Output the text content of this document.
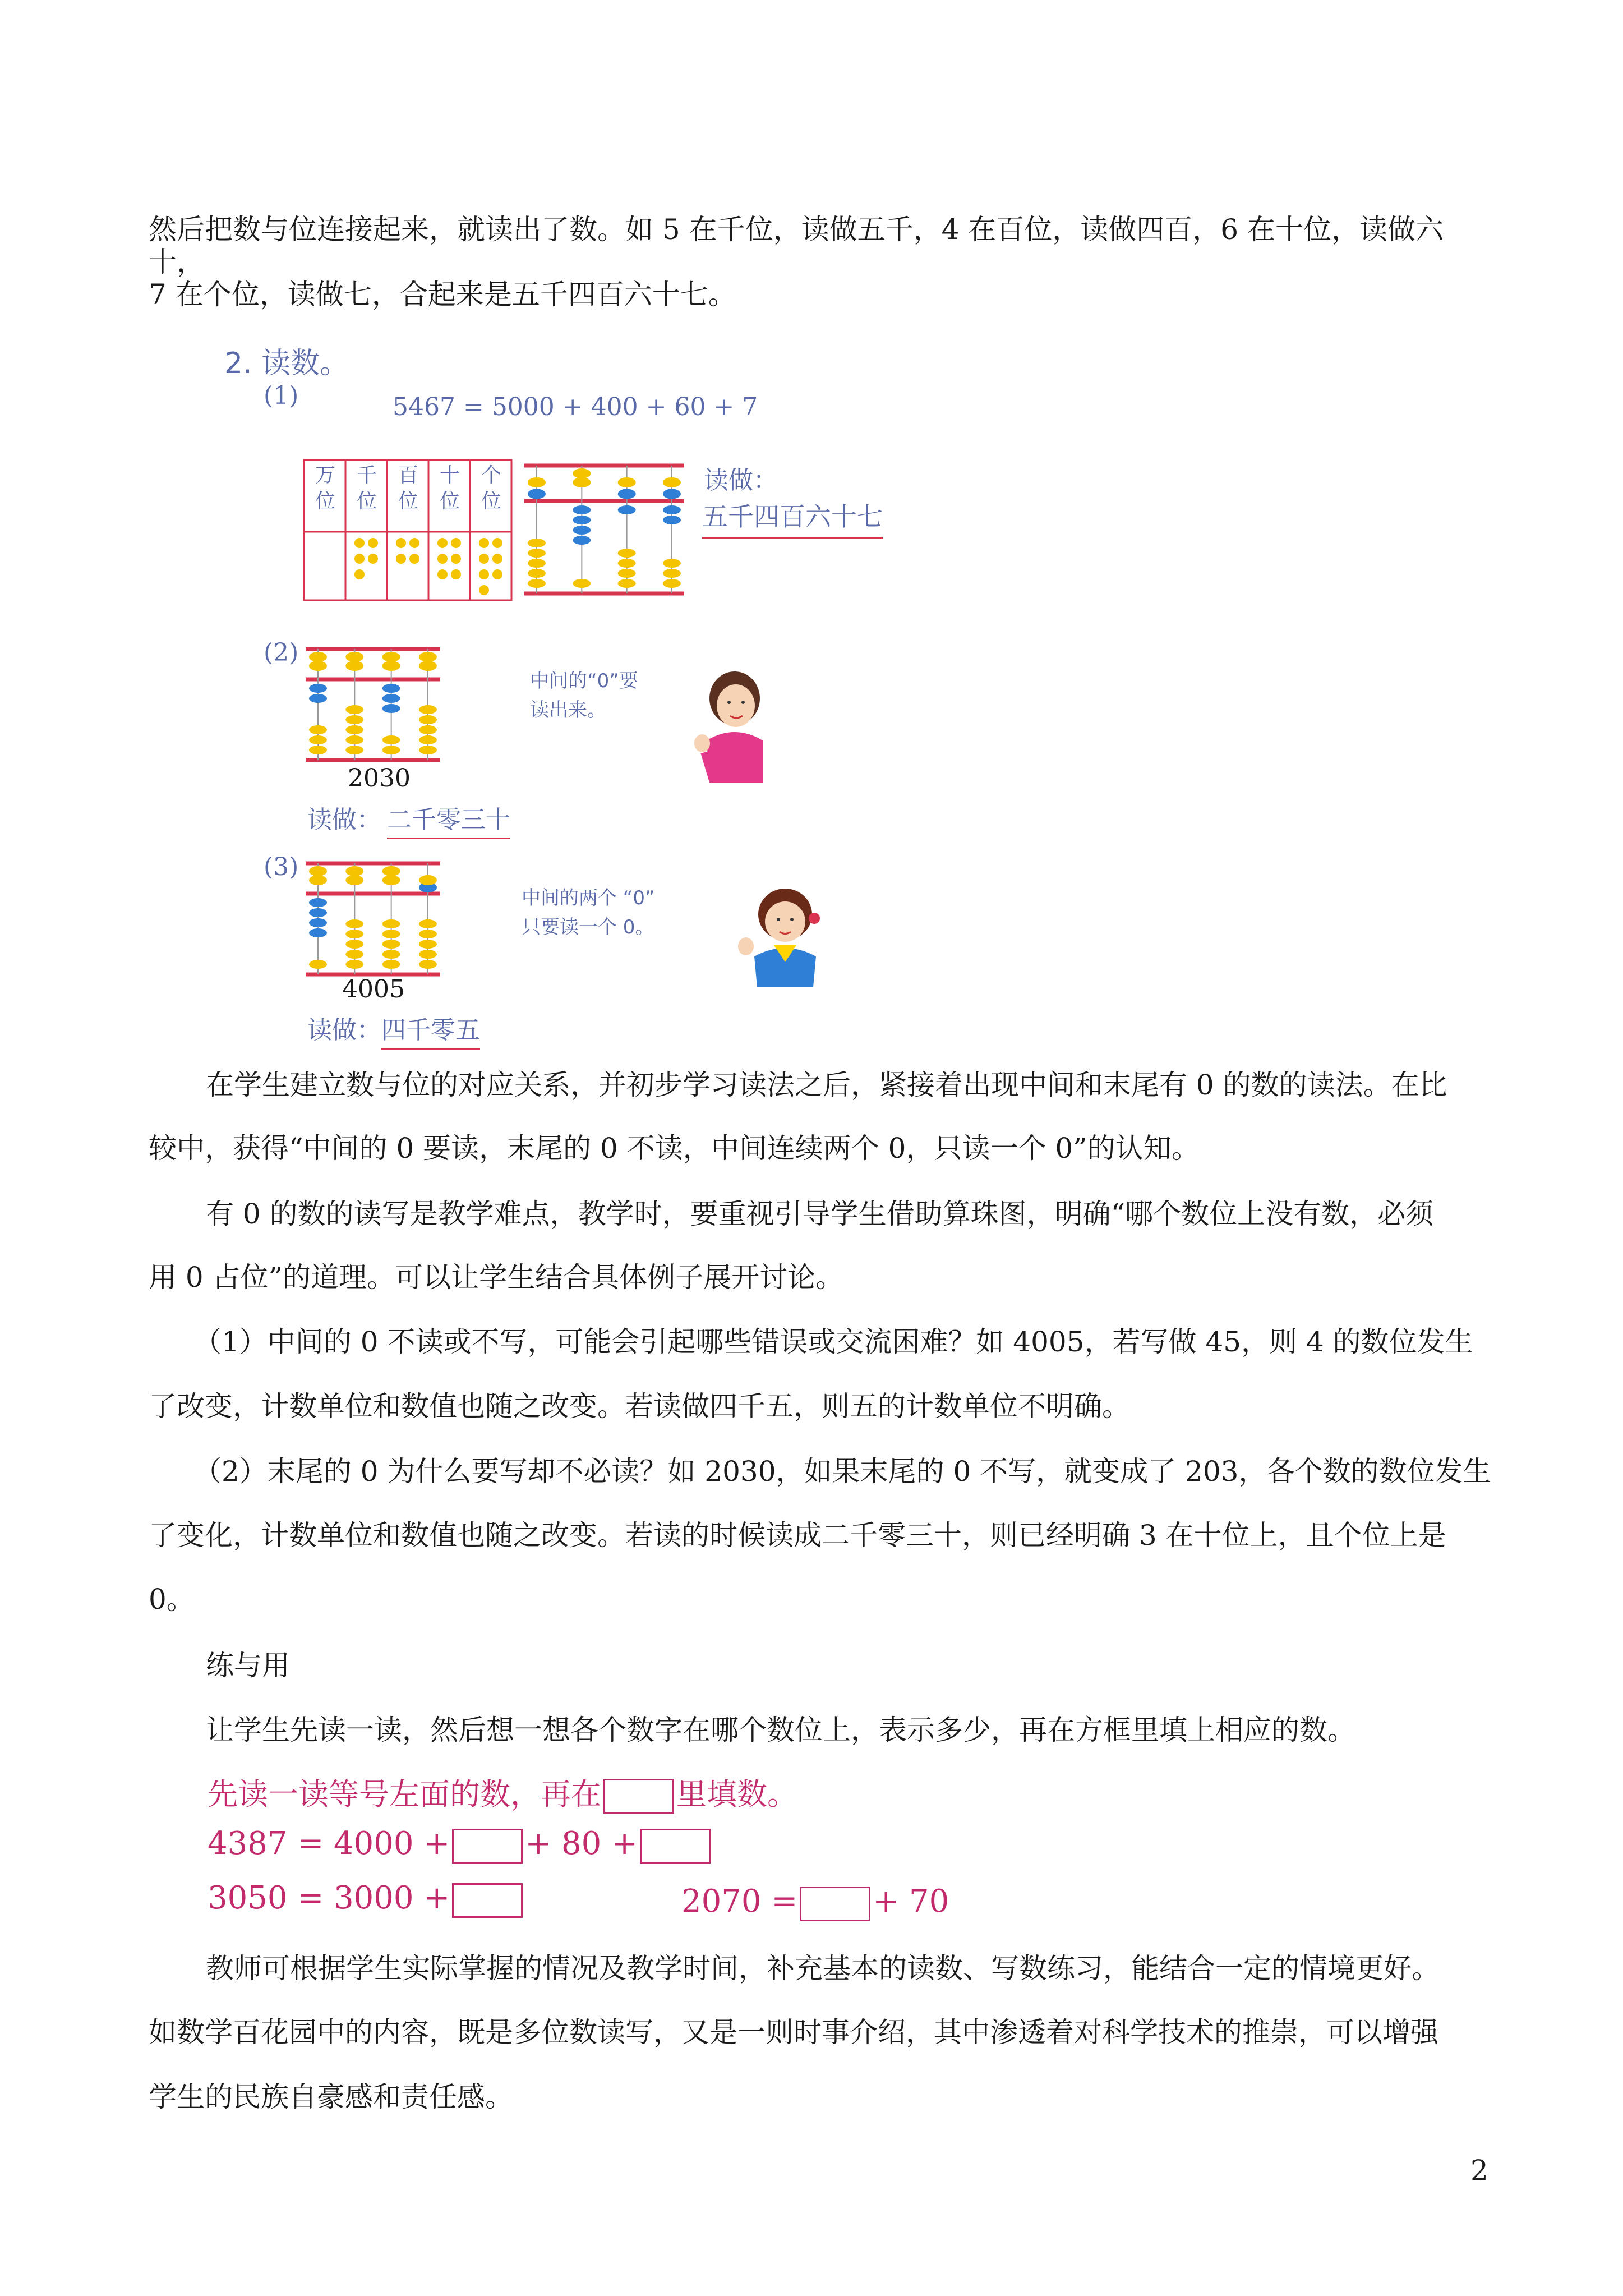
然后把数与位连接起来，就读出了数。如 5 在千位，读做五千，4 在百位，读做四百，6 在十位，读做六十，

7 在个位，读做七，合起来是五千四百六十七。

2. 读数。
(1)	5467 = 5000 + 400 + 60 + 7
万
位
千
位
百
位
十
位
个
位
读做：
五千四百六十七
(2)
2030
读做： 二千零三十
中间的“0”要
读出来。
(3)
4005
读做： 四千零五
中间的两个 “0”
只要读一个 0。

在学生建立数与位的对应关系，并初步学习读法之后，紧接着出现中间和末尾有 0 的数的读法。在比

较中，获得“中间的 0 要读，末尾的 0 不读，中间连续两个 0，只读一个 0”的认知。

有 0 的数的读写是教学难点，教学时，要重视引导学生借助算珠图，明确“哪个数位上没有数，必须

用 0 占位”的道理。可以让学生结合具体例子展开讨论。

（1）中间的 0 不读或不写，可能会引起哪些错误或交流困难？如 4005，若写做 45，则 4 的数位发生

了改变，计数单位和数值也随之改变。若读做四千五，则五的计数单位不明确。

（2）末尾的 0 为什么要写却不必读？如 2030，如果末尾的 0 不写，就变成了 203，各个数的数位发生

了变化，计数单位和数值也随之改变。若读的时候读成二千零三十，则已经明确 3 在十位上，且个位上是

0。

练与用

让学生先读一读，然后想一想各个数字在哪个数位上，表示多少，再在方框里填上相应的数。

先读一读等号左面的数，再在 里填数。
4387 = 4000 + + 80 +
3050 = 3000 +	2070 = + 70

教师可根据学生实际掌握的情况及教学时间，补充基本的读数、写数练习，能结合一定的情境更好。

如数学百花园中的内容，既是多位数读写，又是一则时事介绍，其中渗透着对科学技术的推崇，可以增强

学生的民族自豪感和责任感。

2
